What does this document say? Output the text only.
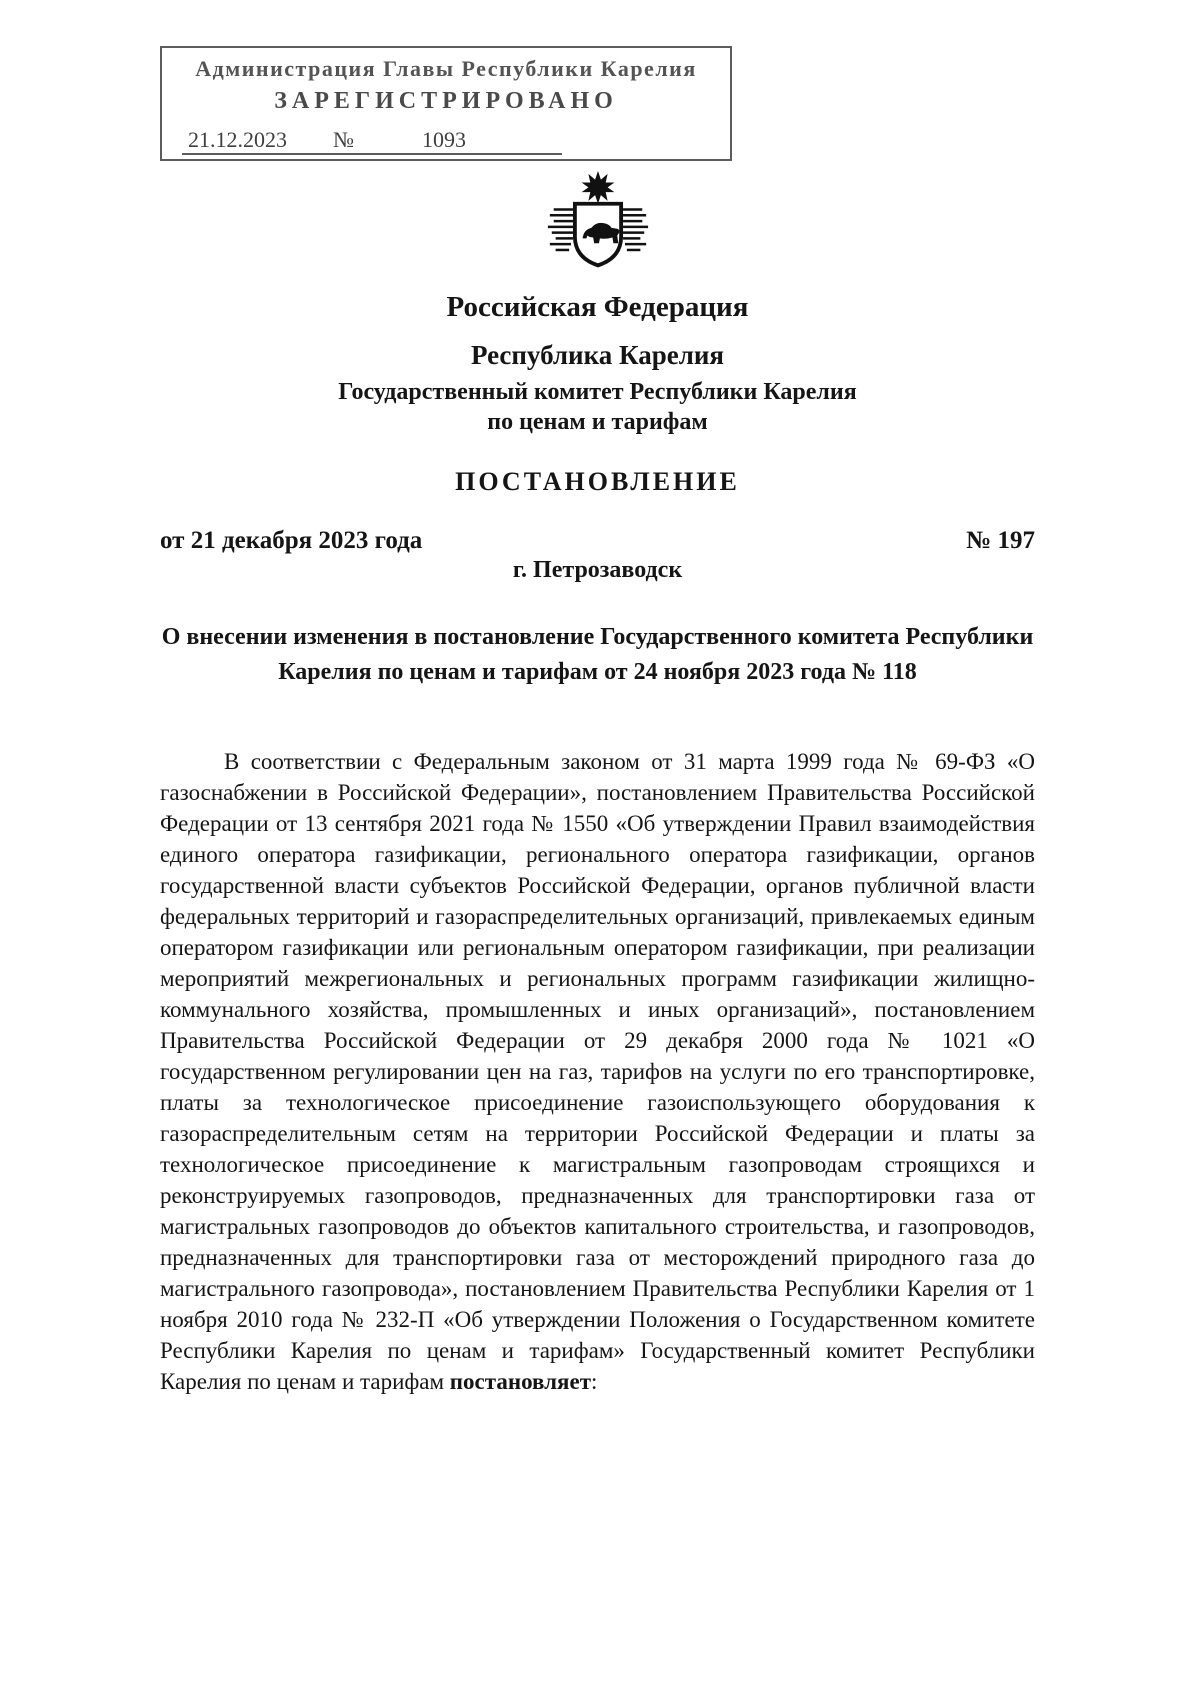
Администрация Главы Республики Карелия
ЗАРЕГИСТРИРОВАНО
21.12.2023 №	1093
Российская Федерация
Республика Карелия
Государственный комитет Республики Карелия
по ценам и тарифам
ПОСТАНОВЛЕНИЕ
от 21 декабря 2023 года	№ 197
г. Петрозаводск
О внесении изменения в постановление Государственного комитета Республики Карелия по ценам и тарифам от 24 ноября 2023 года № 118

В соответствии с Федеральным законом от 31 марта 1999 года № 69-ФЗ «О газоснабжении в Российской Федерации», постановлением Правительства Российской Федерации от 13 сентября 2021 года № 1550 «Об утверждении Правил взаимодействия единого оператора газификации, регионального оператора газификации, органов государственной власти субъектов Российской Федерации, органов публичной власти федеральных территорий и газораспределительных организаций, привлекаемых единым оператором газификации или региональным оператором газификации, при реализации мероприятий межрегиональных и региональных программ газификации жилищно-коммунального хозяйства, промышленных и иных организаций», постановлением Правительства Российской Федерации от 29 декабря 2000 года № 1021 «О государственном регулировании цен на газ, тарифов на услуги по его транспортировке, платы за технологическое присоединение газоиспользующего оборудования к газораспределительным сетям на территории Российской Федерации и платы за технологическое присоединение к магистральным газопроводам строящихся и реконструируемых газопроводов, предназначенных для транспортировки газа от магистральных газопроводов до объектов капитального строительства, и газопроводов, предназначенных для транспортировки газа от месторождений природного газа до магистрального газопровода», постановлением Правительства Республики Карелия от 1 ноября 2010 года № 232-П «Об утверждении Положения о Государственном комитете Республики Карелия по ценам и тарифам» Государственный комитет Республики Карелия по ценам и тарифам постановляет:
